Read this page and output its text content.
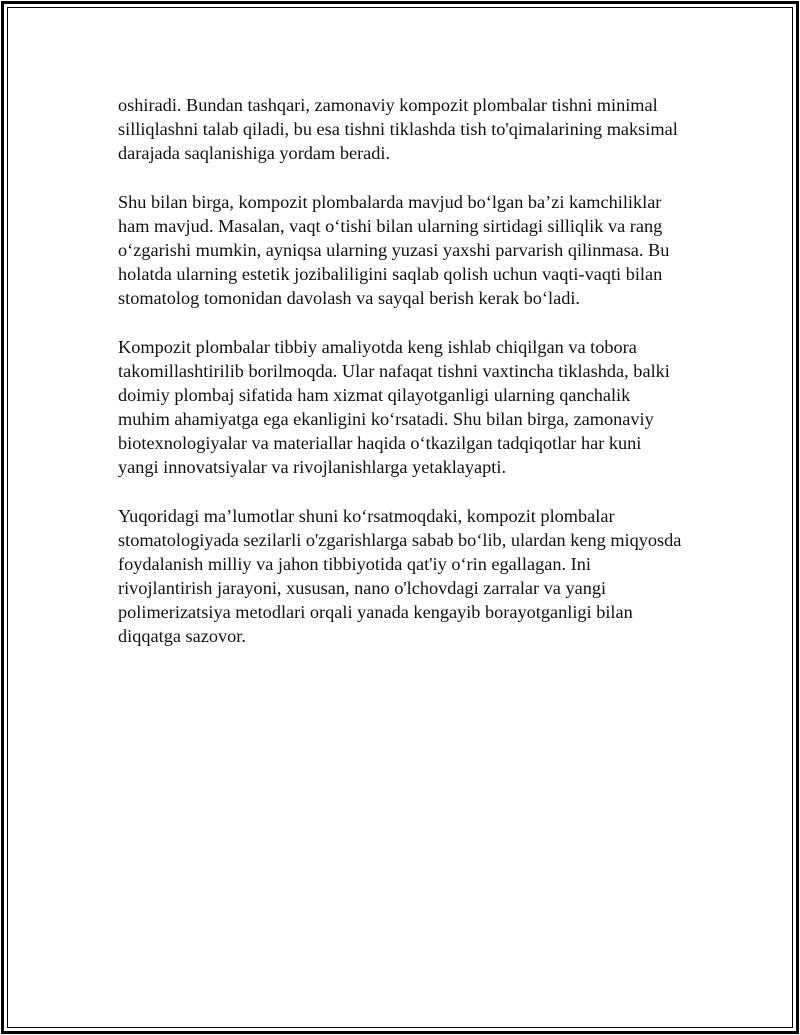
oshiradi. Bundan tashqari, zamonaviy kompozit plombalar tishni minimal
silliqlashni talab qiladi, bu esa tishni tiklashda tish to'qimalarining maksimal
darajada saqlanishiga yordam beradi.
Shu bilan birga, kompozit plombalarda mavjud bo‘lgan ba’zi kamchiliklar
ham mavjud. Masalan, vaqt o‘tishi bilan ularning sirtidagi silliqlik va rang
o‘zgarishi mumkin, ayniqsa ularning yuzasi yaxshi parvarish qilinmasa. Bu
holatda ularning estetik jozibaliligini saqlab qolish uchun vaqti-vaqti bilan
stomatolog tomonidan davolash va sayqal berish kerak bo‘ladi.
Kompozit plombalar tibbiy amaliyotda keng ishlab chiqilgan va tobora
takomillashtirilib borilmoqda. Ular nafaqat tishni vaxtincha tiklashda, balki
doimiy plombaj sifatida ham xizmat qilayotganligi ularning qanchalik
muhim ahamiyatga ega ekanligini ko‘rsatadi. Shu bilan birga, zamonaviy
biotexnologiyalar va materiallar haqida o‘tkazilgan tadqiqotlar har kuni
yangi innovatsiyalar va rivojlanishlarga yetaklayapti.
Yuqoridagi ma’lumotlar shuni ko‘rsatmoqdaki, kompozit plombalar
stomatologiyada sezilarli o'zgarishlarga sabab bo‘lib, ulardan keng miqyosda
foydalanish milliy va jahon tibbiyotida qat'iy o‘rin egallagan. Ini
rivojlantirish jarayoni, xususan, nano o'lchovdagi zarralar va yangi
polimerizatsiya metodlari orqali yanada kengayib borayotganligi bilan
diqqatga sazovor.
